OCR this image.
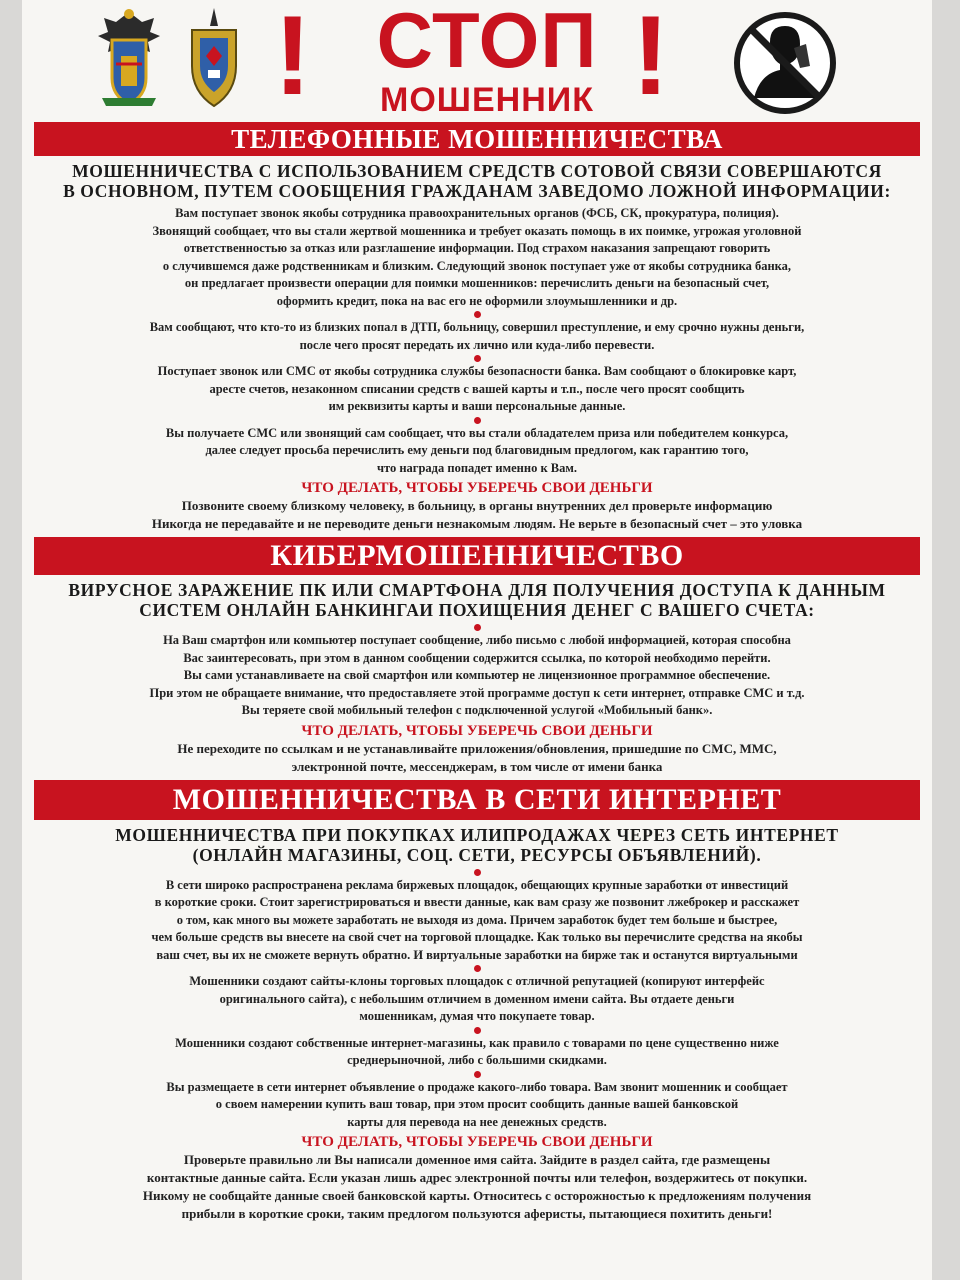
! СТОП
МОШЕННИК !
ТЕЛЕФОННЫЕ МОШЕННИЧЕСТВА
МОШЕННИЧЕСТВА С ИСПОЛЬЗОВАНИЕМ СРЕДСТВ СОТОВОЙ СВЯЗИ СОВЕРШАЮТСЯ
В ОСНОВНОМ, ПУТЕМ СООБЩЕНИЯ ГРАЖДАНАМ ЗАВЕДОМО ЛОЖНОЙ ИНФОРМАЦИИ:
Вам поступает звонок якобы сотрудника правоохранительных органов (ФСБ, СК, прокуратура, полиция).
Звонящий сообщает, что вы стали жертвой мошенника и требует оказать помощь в их поимке, угрожая уголовной
ответственностью за отказ или разглашение информации. Под страхом наказания запрещают говорить
о случившемся даже родственникам и близким. Следующий звонок поступает уже от якобы сотрудника банка,
он предлагает произвести операции для поимки мошенников: перечислить деньги на безопасный счет,
оформить кредит, пока на вас его не оформили злоумышленники и др.
Вам сообщают, что кто-то из близких попал в ДТП, больницу, совершил преступление, и ему срочно нужны деньги,
после чего просят передать их лично или куда-либо перевести.
Поступает звонок или СМС от якобы сотрудника службы безопасности банка. Вам сообщают о блокировке карт,
аресте счетов, незаконном списании средств с вашей карты и т.п., после чего просят сообщить
им реквизиты карты и ваши персональные данные.
Вы получаете СМС или звонящий сам сообщает, что вы стали обладателем приза или победителем конкурса,
далее следует просьба перечислить ему деньги под благовидным предлогом, как гарантию того,
что награда попадет именно к Вам.
ЧТО ДЕЛАТЬ, ЧТОБЫ УБЕРЕЧЬ СВОИ ДЕНЬГИ
Позвоните своему близкому человеку, в больницу, в органы внутренних дел проверьте информацию
Никогда не передавайте и не переводите деньги незнакомым людям. Не верьте в безопасный счет – это уловка
КИБЕРМОШЕННИЧЕСТВО
ВИРУСНОЕ ЗАРАЖЕНИЕ ПК ИЛИ СМАРТФОНА ДЛЯ ПОЛУЧЕНИЯ ДОСТУПА К ДАННЫМ
СИСТЕМ ОНЛАЙН БАНКИНГАИ ПОХИЩЕНИЯ ДЕНЕГ С ВАШЕГО СЧЕТА:
На Ваш смартфон или компьютер поступает сообщение, либо письмо с любой информацией, которая способна
Вас заинтересовать, при этом в данном сообщении содержится ссылка, по которой необходимо перейти.
Вы сами устанавливаете на свой смартфон или компьютер не лицензионное программное обеспечение.
При этом не обращаете внимание, что предоставляете этой программе доступ к сети интернет, отправке СМС и т.д.
Вы теряете свой мобильный телефон с подключенной услугой «Мобильный банк».
ЧТО ДЕЛАТЬ, ЧТОБЫ УБЕРЕЧЬ СВОИ ДЕНЬГИ
Не переходите по ссылкам и не устанавливайте приложения/обновления, пришедшие по СМС, ММС,
электронной почте, мессенджерам, в том числе от имени банка
МОШЕННИЧЕСТВА В СЕТИ ИНТЕРНЕТ
МОШЕННИЧЕСТВА ПРИ ПОКУПКАХ ИЛИПРОДАЖАХ ЧЕРЕЗ СЕТЬ ИНТЕРНЕТ
(ОНЛАЙН МАГАЗИНЫ, СОЦ. СЕТИ, РЕСУРСЫ ОБЪЯВЛЕНИЙ).
В сети широко распространена реклама биржевых площадок, обещающих крупные заработки от инвестиций
в короткие сроки. Стоит зарегистрироваться и ввести данные, как вам сразу же позвонит лжеброкер и расскажет
о том, как много вы можете заработать не выходя из дома. Причем заработок будет тем больше и быстрее,
чем больше средств вы внесете на свой счет на торговой площадке. Как только вы перечислите средства на якобы
ваш счет, вы их не сможете вернуть обратно. И виртуальные заработки на бирже так и останутся виртуальными
Мошенники создают сайты-клоны торговых площадок с отличной репутацией (копируют интерфейс
оригинального сайта), с небольшим отличием в доменном имени сайта. Вы отдаете деньги
мошенникам, думая что покупаете товар.
Мошенники создают собственные интернет-магазины, как правило с товарами по цене существенно ниже
среднерыночной, либо с большими скидками.
Вы размещаете в сети интернет объявление о продаже какого-либо товара. Вам звонит мошенник и сообщает
о своем намерении купить ваш товар, при этом просит сообщить данные вашей банковской
карты для перевода на нее денежных средств.
ЧТО ДЕЛАТЬ, ЧТОБЫ УБЕРЕЧЬ СВОИ ДЕНЬГИ
Проверьте правильно ли Вы написали доменное имя сайта. Зайдите в раздел сайта, где размещены
контактные данные сайта. Если указан лишь адрес электронной почты или телефон, воздержитесь от покупки.
Никому не сообщайте данные своей банковской карты. Относитесь с осторожностью к предложениям получения
прибыли в короткие сроки, таким предлогом пользуются аферисты, пытающиеся похитить деньги!
